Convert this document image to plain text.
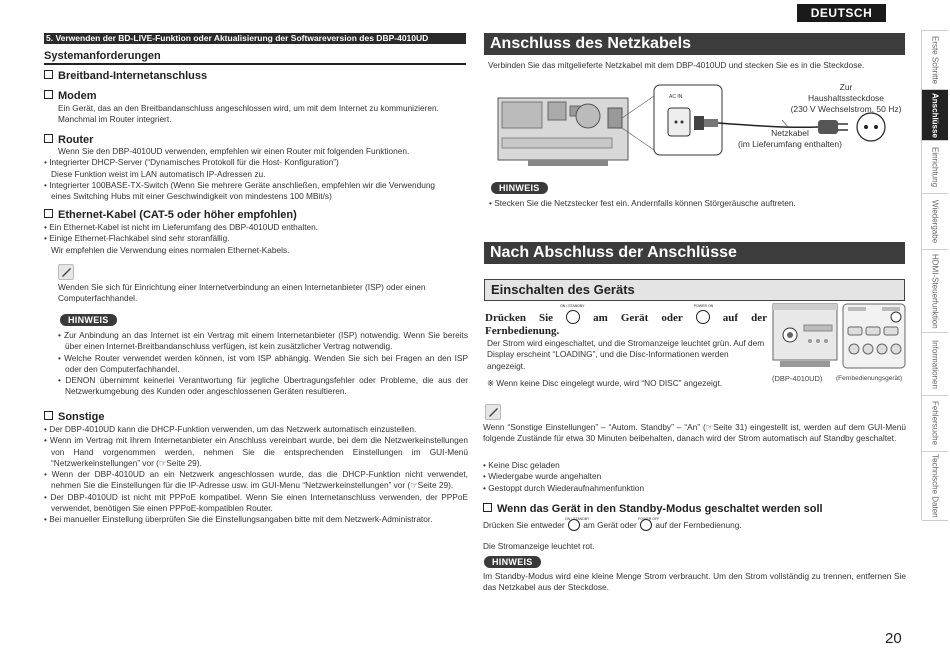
DEUTSCH
5. Verwenden der BD-LIVE-Funktion oder Aktualisierung der Softwareversion des DBP-4010UD
Systemanforderungen
Breitband-Internetanschluss
Modem
Ein Gerät, das an den Breitbandanschluss angeschlossen wird, um mit dem Internet zu kommunizieren.
Manchmal im Router integriert.
Router
Wenn Sie den DBP-4010UD verwenden, empfehlen wir einen Router mit folgenden Funktionen.
• Integrierter DHCP-Server (“Dynamisches Protokoll für die Host- Konfiguration”)
Diese Funktion weist im LAN automatisch IP-Adressen zu.
• Integrierter 100BASE-TX-Switch (Wenn Sie mehrere Geräte anschließen, empfehlen wir die Verwendung
eines Switching Hubs mit einer Geschwindigkeit von mindestens 100 MBit/s)
Ethernet-Kabel (CAT-5 oder höher empfohlen)
• Ein Ethernet-Kabel ist nicht im Lieferumfang des DBP-4010UD enthalten.
• Einige Ethernet-Flachkabel sind sehr storanfällig.
Wir empfehlen die Verwendung eines normalen Ethernet-Kabels.
Wenden Sie sich für Einrichtung einer Internetverbindung an einen Internetanbieter (ISP) oder einen Computerfachhandel.
HINWEIS
• Zur Anbindung an das Internet ist ein Vertrag mit einem Internetanbieter (ISP) notwendig. Wenn Sie bereits über einen Internet-Breitbandanschluss verfügen, ist kein zusätzlicher Vertrag notwendig.
• Welche Router verwendet werden können, ist vom ISP abhängig. Wenden Sie sich bei Fragen an den ISP oder den Computerfachhandel.
• DENON übernimmt keinerlei Verantwortung für jegliche Übertragungsfehler oder Probleme, die aus der Netzwerkumgebung des Kunden oder angeschlossenen Geräten resultieren.
Sonstige
• Der DBP-4010UD kann die DHCP-Funktion verwenden, um das Netzwerk automatisch einzustellen.
• Wenn im Vertrag mit Ihrem Internetanbieter ein Anschluss vereinbart wurde, bei dem die Netzwerkeinstellungen von Hand vorgenommen werden, nehmen Sie die entsprechenden Einstellungen im GUI-Menü “Netzwerkeinstellungen” vor (☞Seite 29).
• Wenn der DBP-4010UD an ein Netzwerk angeschlossen wurde, das die DHCP-Funktion nicht verwendet, nehmen Sie die Einstellungen für die IP-Adresse usw. im GUI-Menu “Netzwerkeinstellungen” vor (☞Seite 29).
• Der DBP-4010UD ist nicht mit PPPoE kompatibel. Wenn Sie einen Internetanschluss verwenden, der PPPoE verwendet, benötigen Sie einen PPPoE-kompatiblen Router.
• Bei manueller Einstellung überprüfen Sie die Einstellungsangaben bitte mit dem Netzwerk-Administrator.
Anschluss des Netzkabels
Verbinden Sie das mitgelieferte Netzkabel mit dem DBP-4010UD und stecken Sie es in die Steckdose.
AC IN
Zur
Haushaltssteckdose
(230 V Wechselstrom, 50 Hz)
Netzkabel
(im Lieferumfang enthalten)
HINWEIS
• Stecken Sie die Netzstecker fest ein. Andernfalls können Störgeräusche auftreten.
Nach Abschluss der Anschlüsse
Einschalten des Geräts
Drücken Sie
ON / STANDBY
am Gerät oder
POWER ON
auf der
Fernbedienung.
Der Strom wird eingeschaltet, und die Stromanzeige leuchtet grün. Auf dem Display erscheint “LOADING”, und die Disc-Informationen werden angezeigt.
※ Wenn keine Disc eingelegt wurde, wird “NO DISC” angezeigt.	(DBP-4010UD) (Fernbedienungsgerät)
Wenn “Sonstige Einstellungen” – “Autom. Standby” – “An” (☞Seite 31) eingestellt ist, werden auf dem GUI-Menü folgende Zustände für etwa 30 Minuten beibehalten, danach wird der Strom automatisch auf Standby geschaltet.
• Keine Disc geladen
• Wiedergabe wurde angehalten
• Gestoppt durch Wiederaufnahmenfunktion
Wenn das Gerät in den Standby-Modus geschaltet werden soll
Drücken Sie entweder
ON / STANDBY
am Gerät oder
POWER OFF
auf der Fernbedienung.
Die Stromanzeige leuchtet rot.
HINWEIS
Im Standby-Modus wird eine kleine Menge Strom verbraucht. Um den Strom vollständig zu trennen, entfernen Sie das Netzkabel aus der Steckdose.
Erste Schritte
Anschlüsse
Einrichtung
Wiedergabe
HDMI-Steuerfunktion
Informationen
Fehlersuche
Technische Daten
20
